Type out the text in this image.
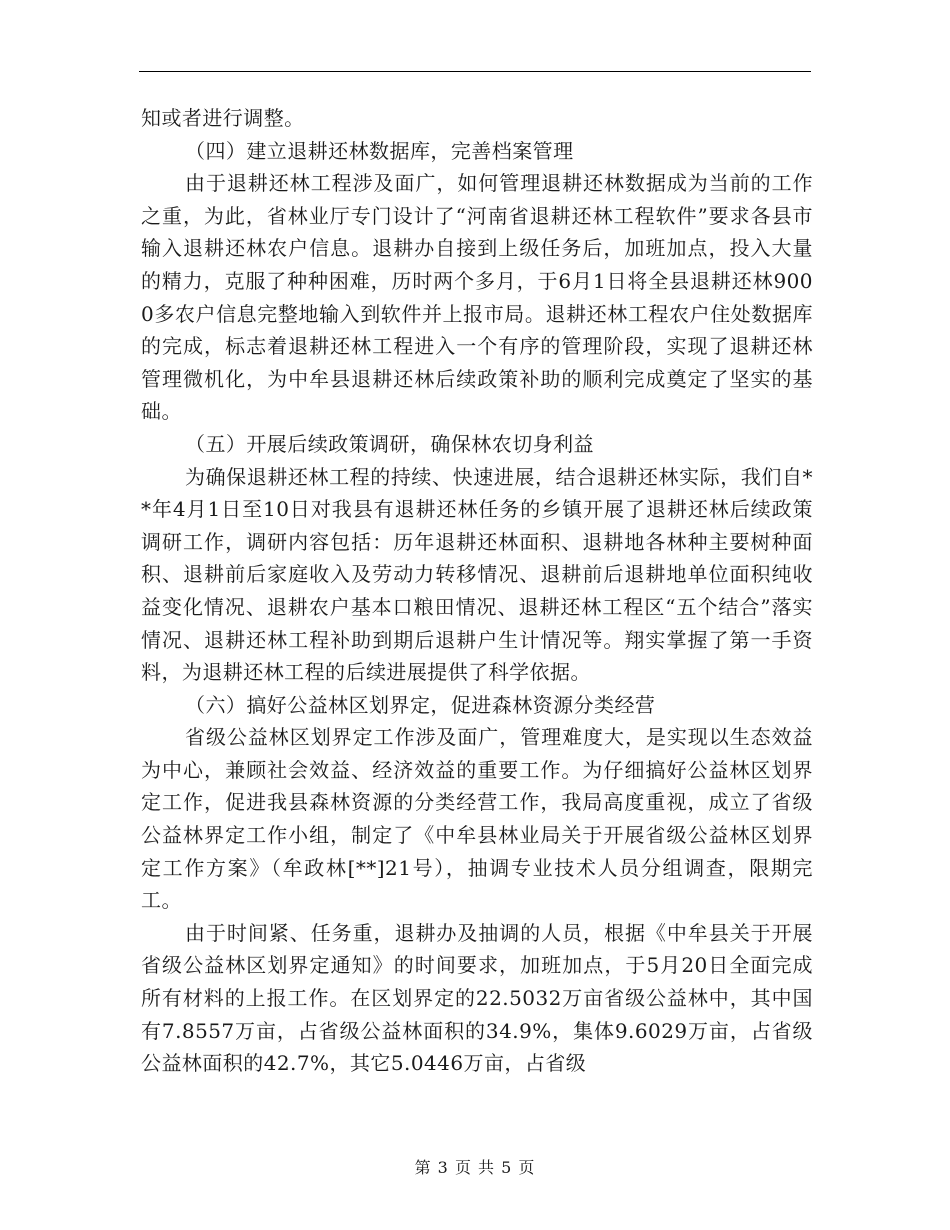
知或者进行调整。

（四）建立退耕还林数据库，完善档案管理

由于退耕还林工程涉及面广，如何管理退耕还林数据成为当前的工作之重，为此，省林业厅专门设计了“河南省退耕还林工程软件”要求各县市输入退耕还林农户信息。退耕办自接到上级任务后，加班加点，投入大量的精力，克服了种种困难，历时两个多月，于6月1日将全县退耕还林9000多农户信息完整地输入到软件并上报市局。退耕还林工程农户住处数据库的完成，标志着退耕还林工程进入一个有序的管理阶段，实现了退耕还林管理微机化，为中牟县退耕还林后续政策补助的顺利完成奠定了坚实的基础。

（五）开展后续政策调研，确保林农切身利益

为确保退耕还林工程的持续、快速进展，结合退耕还林实际，我们自**年4月1日至10日对我县有退耕还林任务的乡镇开展了退耕还林后续政策调研工作，调研内容包括：历年退耕还林面积、退耕地各林种主要树种面积、退耕前后家庭收入及劳动力转移情况、退耕前后退耕地单位面积纯收益变化情况、退耕农户基本口粮田情况、退耕还林工程区“五个结合”落实情况、退耕还林工程补助到期后退耕户生计情况等。翔实掌握了第一手资料，为退耕还林工程的后续进展提供了科学依据。

（六）搞好公益林区划界定，促进森林资源分类经营

省级公益林区划界定工作涉及面广，管理难度大，是实现以生态效益为中心，兼顾社会效益、经济效益的重要工作。为仔细搞好公益林区划界定工作，促进我县森林资源的分类经营工作，我局高度重视，成立了省级公益林界定工作小组，制定了《中牟县林业局关于开展省级公益林区划界定工作方案》（牟政林[**]21号），抽调专业技术人员分组调查，限期完工。

由于时间紧、任务重，退耕办及抽调的人员，根据《中牟县关于开展省级公益林区划界定通知》的时间要求，加班加点，于5月20日全面完成所有材料的上报工作。在区划界定的22.5032万亩省级公益林中，其中国有7.8557万亩，占省级公益林面积的34.9%，集体9.6029万亩，占省级公益林面积的42.7%，其它5.0446万亩，占省级

第 3 页 共 5 页
